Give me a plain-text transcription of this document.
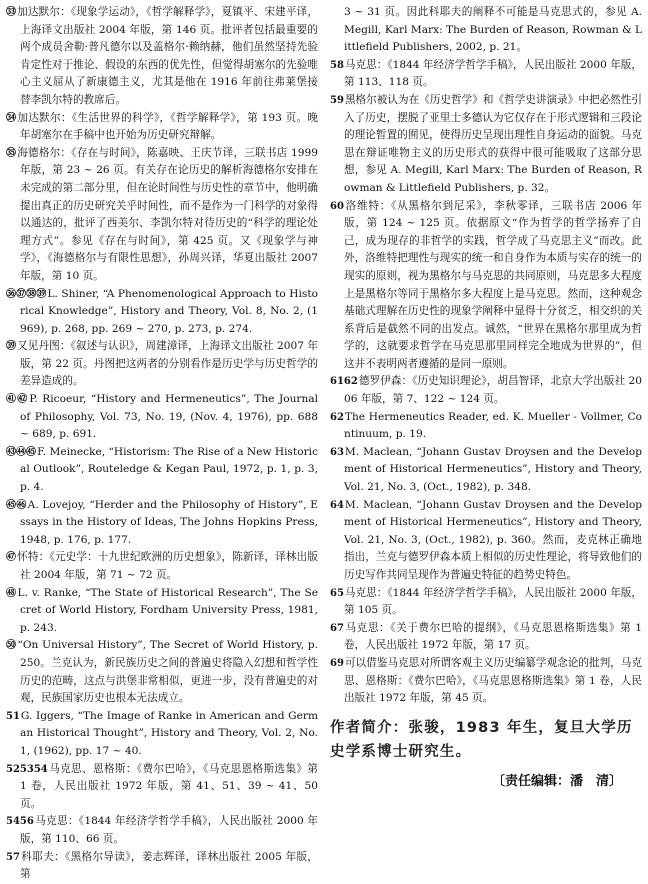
㉝加达默尔：《现象学运动》，《哲学解释学》，夏镇平、宋建平译，上海译文出版社 2004 年版，第 146 页。批评者包括最重要的两个成员舍勒·普凡德尔以及盖格尔·赖纳赫，他们虽然坚持先验肯定性对于推论、假设的东西的优先性，但觉得胡塞尔的先验唯心主义屈从了新康德主义，尤其是他在 1916 年前往弗莱堡接替李凯尔特的教席后。

㉞加达默尔：《生活世界的科学》，《哲学解释学》，第 193 页。晚年胡塞尔在手稿中也开始为历史研究辩解。

㉟海德格尔：《存在与时间》，陈嘉映、王庆节译，三联书店 1999 年版，第 23 ~ 26 页。有关存在论历史的解析海德格尔安排在未完成的第二部分里，但在论时间性与历史性的章节中，他明确提出真正的历史研究关乎时间性，而不是作为一门科学的对象得以通达的，批评了西美尔、李凯尔特对待历史的“科学的理论处理方式”。参见《存在与时间》，第 425 页。又《现象学与神学》，《海德格尔与有限性思想》，孙周兴译，华夏出版社 2007 年版，第 10 页。

㊱㊲㊳㊴L. Shiner, “A Phenomenological Approach to Historical Knowledge”, History and Theory, Vol. 8, No. 2, (1969), p. 268, pp. 269 ~ 270, p. 273, p. 274.

㊴又见丹图：《叙述与认识》，周建漳译，上海译文出版社 2007 年版，第 22 页。丹图把这两者的分别看作是历史学与历史哲学的差异造成的。

㊶㊷P. Ricoeur, “History and Hermeneutics”, The Journal of Philosophy, Vol. 73, No. 19, (Nov. 4, 1976), pp. 688 ~ 689, p. 691.

㊸㊹㊺F. Meinecke, “Historism: The Rise of a New Historical Outlook”, Routeledge & Kegan Paul, 1972, p. 1, p. 3, p. 4.

㊺㊻A. Lovejoy, “Herder and the Philosophy of History”, Essays in the History of Ideas, The Johns Hopkins Press, 1948, p. 176, p. 177.

㊼怀特：《元史学：十九世纪欧洲的历史想象》，陈新译，译林出版社 2004 年版，第 71 ~ 72 页。

㊽L. v. Ranke, “The State of Historical Research”, The Secret of World History, Fordham University Press, 1981, p. 243.

㊿“On Universal History”, The Secret of World History, p. 250。兰克认为，新民族历史之间的普遍史将隐入幻想和哲学性历史的范畴，这点与洪堡非常相似，更进一步，没有普遍史的对观，民族国家历史也根本无法成立。

51G. Iggers, “The Image of Ranke in American and German Historical Thought”, History and Theory, Vol. 2, No. 1, (1962), pp. 17 ~ 40.

525354马克思、恩格斯：《费尔巴哈》，《马克思恩格斯选集》第 1 卷，人民出版社 1972 年版，第 41、51、39 ~ 41、50 页。

5456马克思：《1844 年经济学哲学手稿》，人民出版社 2000 年版，第 110、66 页。

57科耶夫：《黑格尔导读》，姜志辉译，译林出版社 2005 年版，第

3 ~ 31 页。因此科耶夫的阐释不可能是马克思式的，参见 A. Megill, Karl Marx: The Burden of Reason, Rowman & Littlefield Publishers, 2002, p. 21。

58马克思：《1844 年经济学哲学手稿》，人民出版社 2000 年版，第 113、118 页。

59黑格尔被认为在《历史哲学》和《哲学史讲演录》中把必然性引入了历史，摆脱了亚里士多德认为它仅存在于形式逻辑和三段论的理论暂置的囿见，使得历史呈现出理性自身运动的面貌。马克思在辩证唯物主义的历史形式的获得中很可能吸取了这部分思想，参见 A. Megill, Karl Marx: The Burden of Reason, Rowman & Littlefield Publishers, p. 32。

60洛维特：《从黑格尔到尼采》，李秋零译，三联书店 2006 年版，第 124 ~ 125 页。依据原文“作为哲学的哲学扬弃了自己，成为现存的非哲学的实践，哲学成了马克思主义”而改。此外，洛维特把理性与现实的统一和自身作为本质与实存的统一的现实的原则，视为黑格尔与马克思的共同原则，马克思多大程度上是黑格尔等同于黑格尔多大程度上是马克思。然而，这种观念基础式理解在历史性的现象学阐释中显得十分贫乏，相交织的关系背后是截然不同的出发点。诚然，“世界在黑格尔那里成为哲学的，这就要求哲学在马克思那里同样完全地成为世界的”，但这并不表明两者遵循的是同一原则。

6162德罗伊森：《历史知识理论》，胡昌智译，北京大学出版社 2006 年版，第 7、122 ~ 124 页。

62The Hermeneutics Reader, ed. K. Mueller - Vollmer, Continuum, p. 19.

63M. Maclean, “Johann Gustav Droysen and the Development of Historical Hermeneutics”, History and Theory, Vol. 21, No. 3, (Oct., 1982), p. 348.

64M. Maclean, “Johann Gustav Droysen and the Development of Historical Hermeneutics”, History and Theory, Vol. 21, No. 3, (Oct., 1982), p. 360。然而，麦克林正确地指出，兰克与德罗伊森本质上相似的历史性理论，将导致他们的历史写作共同呈现作为普遍史特征的趋势史特色。

65马克思：《1844 年经济学哲学手稿》，人民出版社 2000 年版，第 105 页。

67马克思：《关于费尔巴哈的提纲》，《马克思恩格斯选集》第 1 卷，人民出版社 1972 年版，第 17 页。

69可以借鉴马克思对所谓客观主义历史编纂学观念论的批判，马克思、恩格斯：《费尔巴哈》，《马克思恩格斯选集》第 1 卷，人民出版社 1972 年版，第 45 页。

作者简介：张骏，1983 年生，复旦大学历史学系博士研究生。

〔责任编辑：潘　清〕
